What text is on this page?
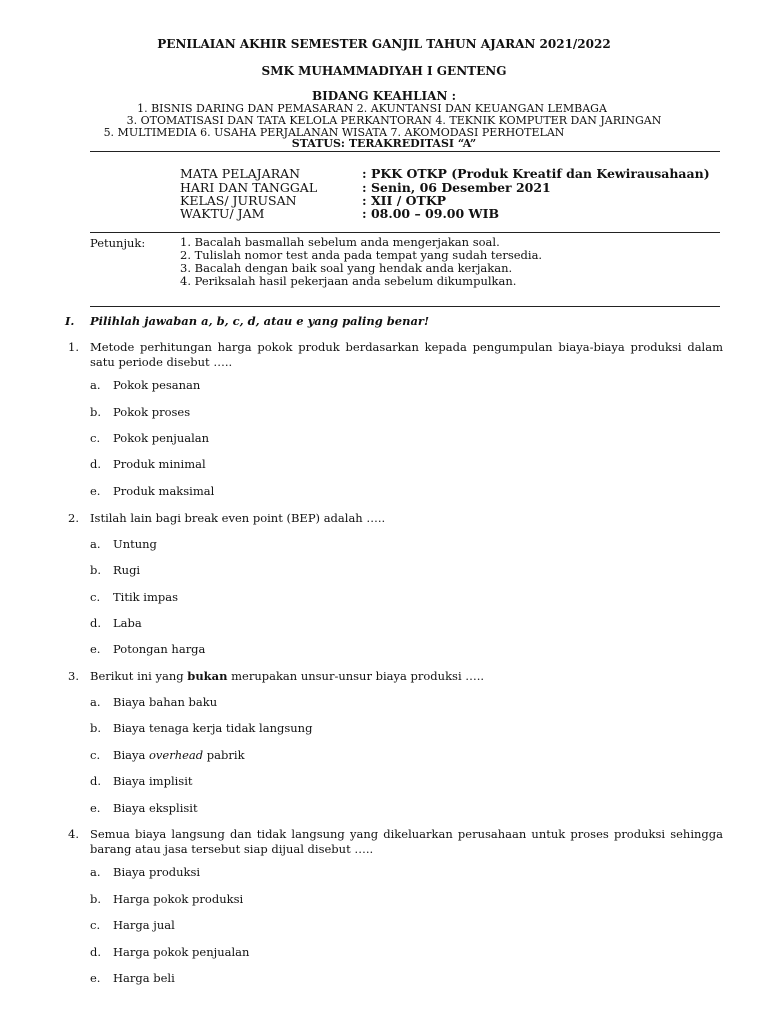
PENILAIAN AKHIR SEMESTER GANJIL TAHUN AJARAN 2021/2022
SMK MUHAMMADIYAH I GENTENG
BIDANG KEAHLIAN :
1. BISNIS DARING DAN PEMASARAN 2. AKUNTANSI DAN KEUANGAN LEMBAGA
3. OTOMATISASI DAN TATA KELOLA PERKANTORAN 4. TEKNIK KOMPUTER DAN JARINGAN
5. MULTIMEDIA 6. USAHA PERJALANAN WISATA 7. AKOMODASI PERHOTELAN
STATUS: TERAKREDITASI “A”
MATA PELAJARAN	: PKK OTKP (Produk Kreatif dan Kewirausahaan)
HARI DAN TANGGAL	: Senin, 06 Desember 2021
KELAS/ JURUSAN	: XII / OTKP
WAKTU/ JAM	: 08.00 – 09.00 WIB
Petunjuk:	1. Bacalah basmallah sebelum anda mengerjakan soal.
2. Tulislah nomor test anda pada tempat yang sudah tersedia.
3. Bacalah dengan baik soal yang hendak anda kerjakan.
4. Periksalah hasil pekerjaan anda sebelum dikumpulkan.
I. Pilihlah jawaban a, b, c, d, atau e yang paling benar!
1. Metode perhitungan harga pokok produk berdasarkan kepada pengumpulan biaya-biaya produksi dalam satu periode disebut …..
a. Pokok pesanan
b. Pokok proses
c. Pokok penjualan
d. Produk minimal
e. Produk maksimal
2. Istilah lain bagi break even point (BEP) adalah …..
a. Untung
b. Rugi
c. Titik impas
d. Laba
e. Potongan harga
3. Berikut ini yang bukan merupakan unsur-unsur biaya produksi …..
a. Biaya bahan baku
b. Biaya tenaga kerja tidak langsung
c. Biaya overhead pabrik
d. Biaya implisit
e. Biaya eksplisit
4. Semua biaya langsung dan tidak langsung yang dikeluarkan perusahaan untuk proses produksi sehingga barang atau jasa tersebut siap dijual disebut …..
a. Biaya produksi
b. Harga pokok produksi
c. Harga jual
d. Harga pokok penjualan
e. Harga beli
